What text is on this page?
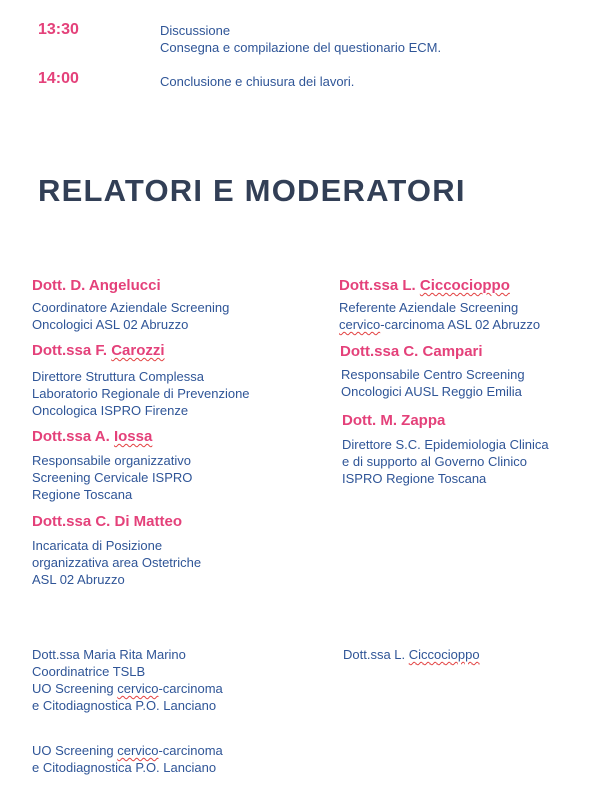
13:30	Discussione
Consegna e compilazione del questionario ECM.
14:00	Conclusione e chiusura dei lavori.
RELATORI E MODERATORI
Dott. D. Angelucci
Coordinatore Aziendale Screening
Oncologici ASL 02 Abruzzo
Dott.ssa F. Carozzi
Direttore Struttura Complessa
Laboratorio Regionale di Prevenzione
Oncologica ISPRO Firenze
Dott.ssa A. Iossa
Responsabile organizzativo
Screening Cervicale ISPRO
Regione Toscana
Dott.ssa C. Di Matteo
Incaricata di Posizione
organizzativa area Ostetriche
ASL 02 Abruzzo
Dott.ssa L. Ciccocioppo
Referente Aziendale Screening
cervico-carcinoma ASL 02 Abruzzo
Dott.ssa C. Campari
Responsabile Centro Screening
Oncologici AUSL Reggio Emilia
Dott. M. Zappa
Direttore S.C. Epidemiologia Clinica
e di supporto al Governo Clinico
ISPRO Regione Toscana
Dott.ssa Maria Rita Marino
Coordinatrice TSLB
UO Screening cervico-carcinoma
e Citodiagnostica P.O. Lanciano
Dott.ssa L. Ciccocioppo
UO Screening cervico-carcinoma
e Citodiagnostica P.O. Lanciano
